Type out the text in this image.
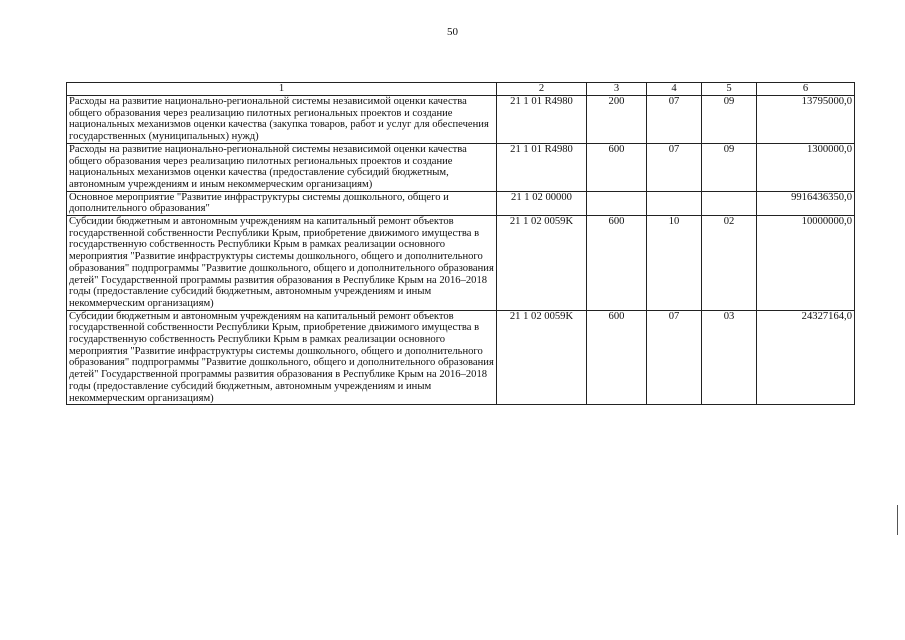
50
1	2	3	4	5	6
Расходы на развитие национально-региональной системы независимой оценки качества общего образования через реализацию пилотных региональных проектов и создание национальных механизмов оценки качества (закупка товаров, работ и услуг для обеспечения государственных (муниципальных) нужд)	21 1 01 R4980	200	07	09	13795000,0
Расходы на развитие национально-региональной системы независимой оценки качества общего образования через реализацию пилотных региональных проектов и создание национальных механизмов оценки качества (предоставление субсидий бюджетным, автономным учреждениям и иным некоммерческим организациям)	21 1 01 R4980	600	07	09	1300000,0
Основное мероприятие "Развитие инфраструктуры системы дошкольного, общего и дополнительного образования"	21 1 02 00000				9916436350,0
Субсидии бюджетным и автономным учреждениям на капитальный ремонт объектов государственной собственности Республики Крым, приобретение движимого имущества в государственную собственность Республики Крым в рамках реализации основного мероприятия "Развитие инфраструктуры системы дошкольного, общего и дополнительного образования" подпрограммы "Развитие дошкольного, общего и дополнительного образования детей" Государственной программы развития образования в Республике Крым на 2016–2018 годы (предоставление субсидий бюджетным, автономным учреждениям и иным некоммерческим организациям)	21 1 02 0059K	600	10	02	10000000,0
Субсидии бюджетным и автономным учреждениям на капитальный ремонт объектов государственной собственности Республики Крым, приобретение движимого имущества в государственную собственность Республики Крым в рамках реализации основного мероприятия "Развитие инфраструктуры системы дошкольного, общего и дополнительного образования" подпрограммы "Развитие дошкольного, общего и дополнительного образования детей" Государственной программы развития образования в Республике Крым на 2016–2018 годы (предоставление субсидий бюджетным, автономным учреждениям и иным некоммерческим организациям)	21 1 02 0059K	600	07	03	24327164,0
